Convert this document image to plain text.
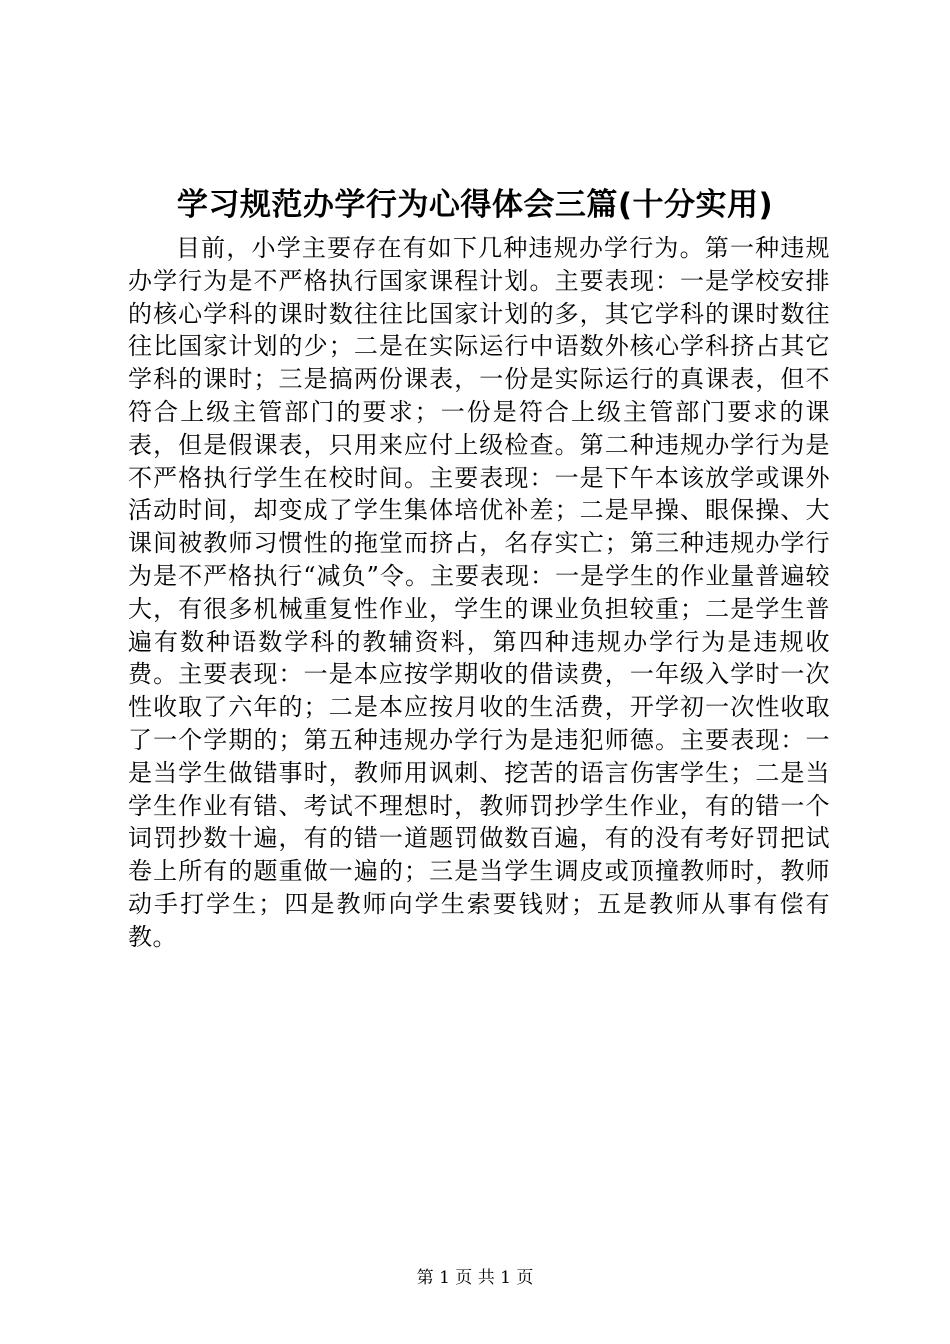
学习规范办学行为心得体会三篇(十分实用)

目前，小学主要存在有如下几种违规办学行为。第一种违规办学行为是不严格执行国家课程计划。主要表现：一是学校安排的核心学科的课时数往往比国家计划的多，其它学科的课时数往往比国家计划的少；二是在实际运行中语数外核心学科挤占其它学科的课时；三是搞两份课表，一份是实际运行的真课表，但不符合上级主管部门的要求；一份是符合上级主管部门要求的课表，但是假课表，只用来应付上级检查。第二种违规办学行为是不严格执行学生在校时间。主要表现：一是下午本该放学或课外活动时间，却变成了学生集体培优补差；二是早操、眼保操、大课间被教师习惯性的拖堂而挤占，名存实亡；第三种违规办学行为是不严格执行“减负”令。主要表现：一是学生的作业量普遍较大，有很多机械重复性作业，学生的课业负担较重；二是学生普遍有数种语数学科的教辅资料，第四种违规办学行为是违规收费。主要表现：一是本应按学期收的借读费，一年级入学时一次性收取了六年的；二是本应按月收的生活费，开学初一次性收取了一个学期的；第五种违规办学行为是违犯师德。主要表现：一是当学生做错事时，教师用讽刺、挖苦的语言伤害学生；二是当学生作业有错、考试不理想时，教师罚抄学生作业，有的错一个词罚抄数十遍，有的错一道题罚做数百遍，有的没有考好罚把试卷上所有的题重做一遍的；三是当学生调皮或顶撞教师时，教师动手打学生；四是教师向学生索要钱财；五是教师从事有偿有教。

第 1 页 共 1 页
